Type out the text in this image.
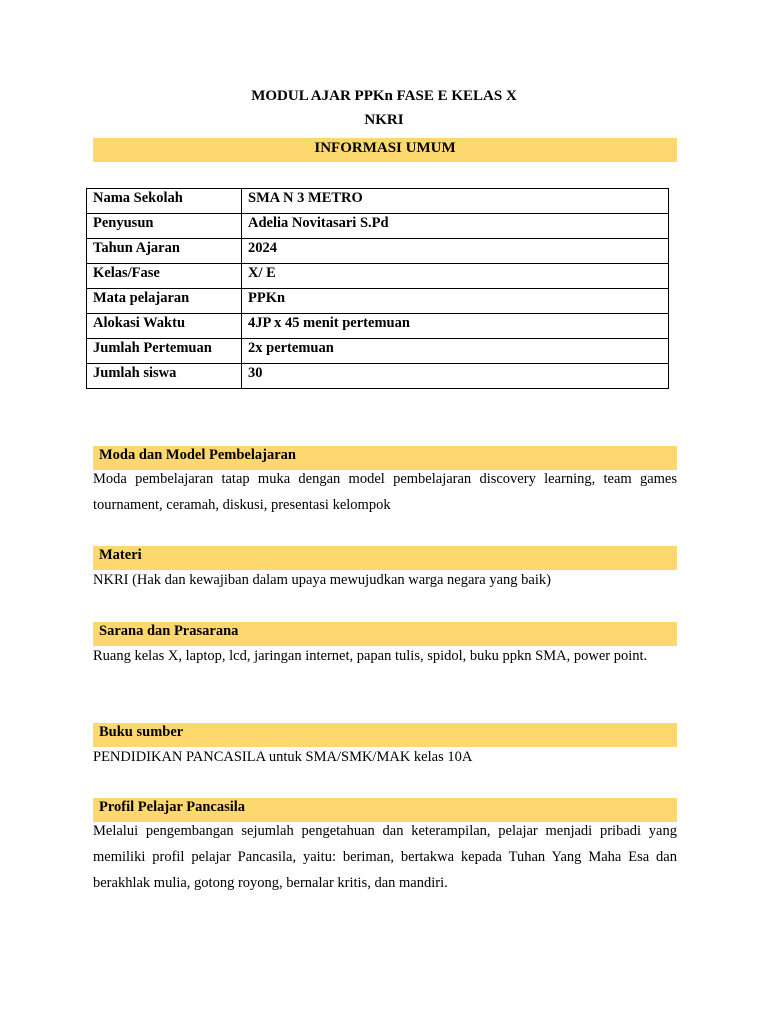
MODUL AJAR PPKn FASE E KELAS X
NKRI
INFORMASI UMUM
Nama Sekolah	SMA N 3 METRO
Penyusun	Adelia Novitasari S.Pd
Tahun Ajaran	2024
Kelas/Fase	X/ E
Mata pelajaran	PPKn
Alokasi Waktu	4JP x 45 menit pertemuan
Jumlah Pertemuan	2x pertemuan
Jumlah siswa	30
Moda dan Model Pembelajaran
Moda pembelajaran tatap muka dengan model pembelajaran discovery learning, team games tournament, ceramah, diskusi, presentasi kelompok
Materi
NKRI (Hak dan kewajiban dalam upaya mewujudkan warga negara yang baik)
Sarana dan Prasarana
Ruang kelas X, laptop, lcd, jaringan internet, papan tulis, spidol, buku ppkn SMA, power point.
Buku sumber
PENDIDIKAN PANCASILA untuk SMA/SMK/MAK kelas 10A
Profil Pelajar Pancasila
Melalui pengembangan sejumlah pengetahuan dan keterampilan, pelajar menjadi pribadi yang memiliki profil pelajar Pancasila, yaitu: beriman, bertakwa kepada Tuhan Yang Maha Esa dan berakhlak mulia, gotong royong, bernalar kritis, dan mandiri.
